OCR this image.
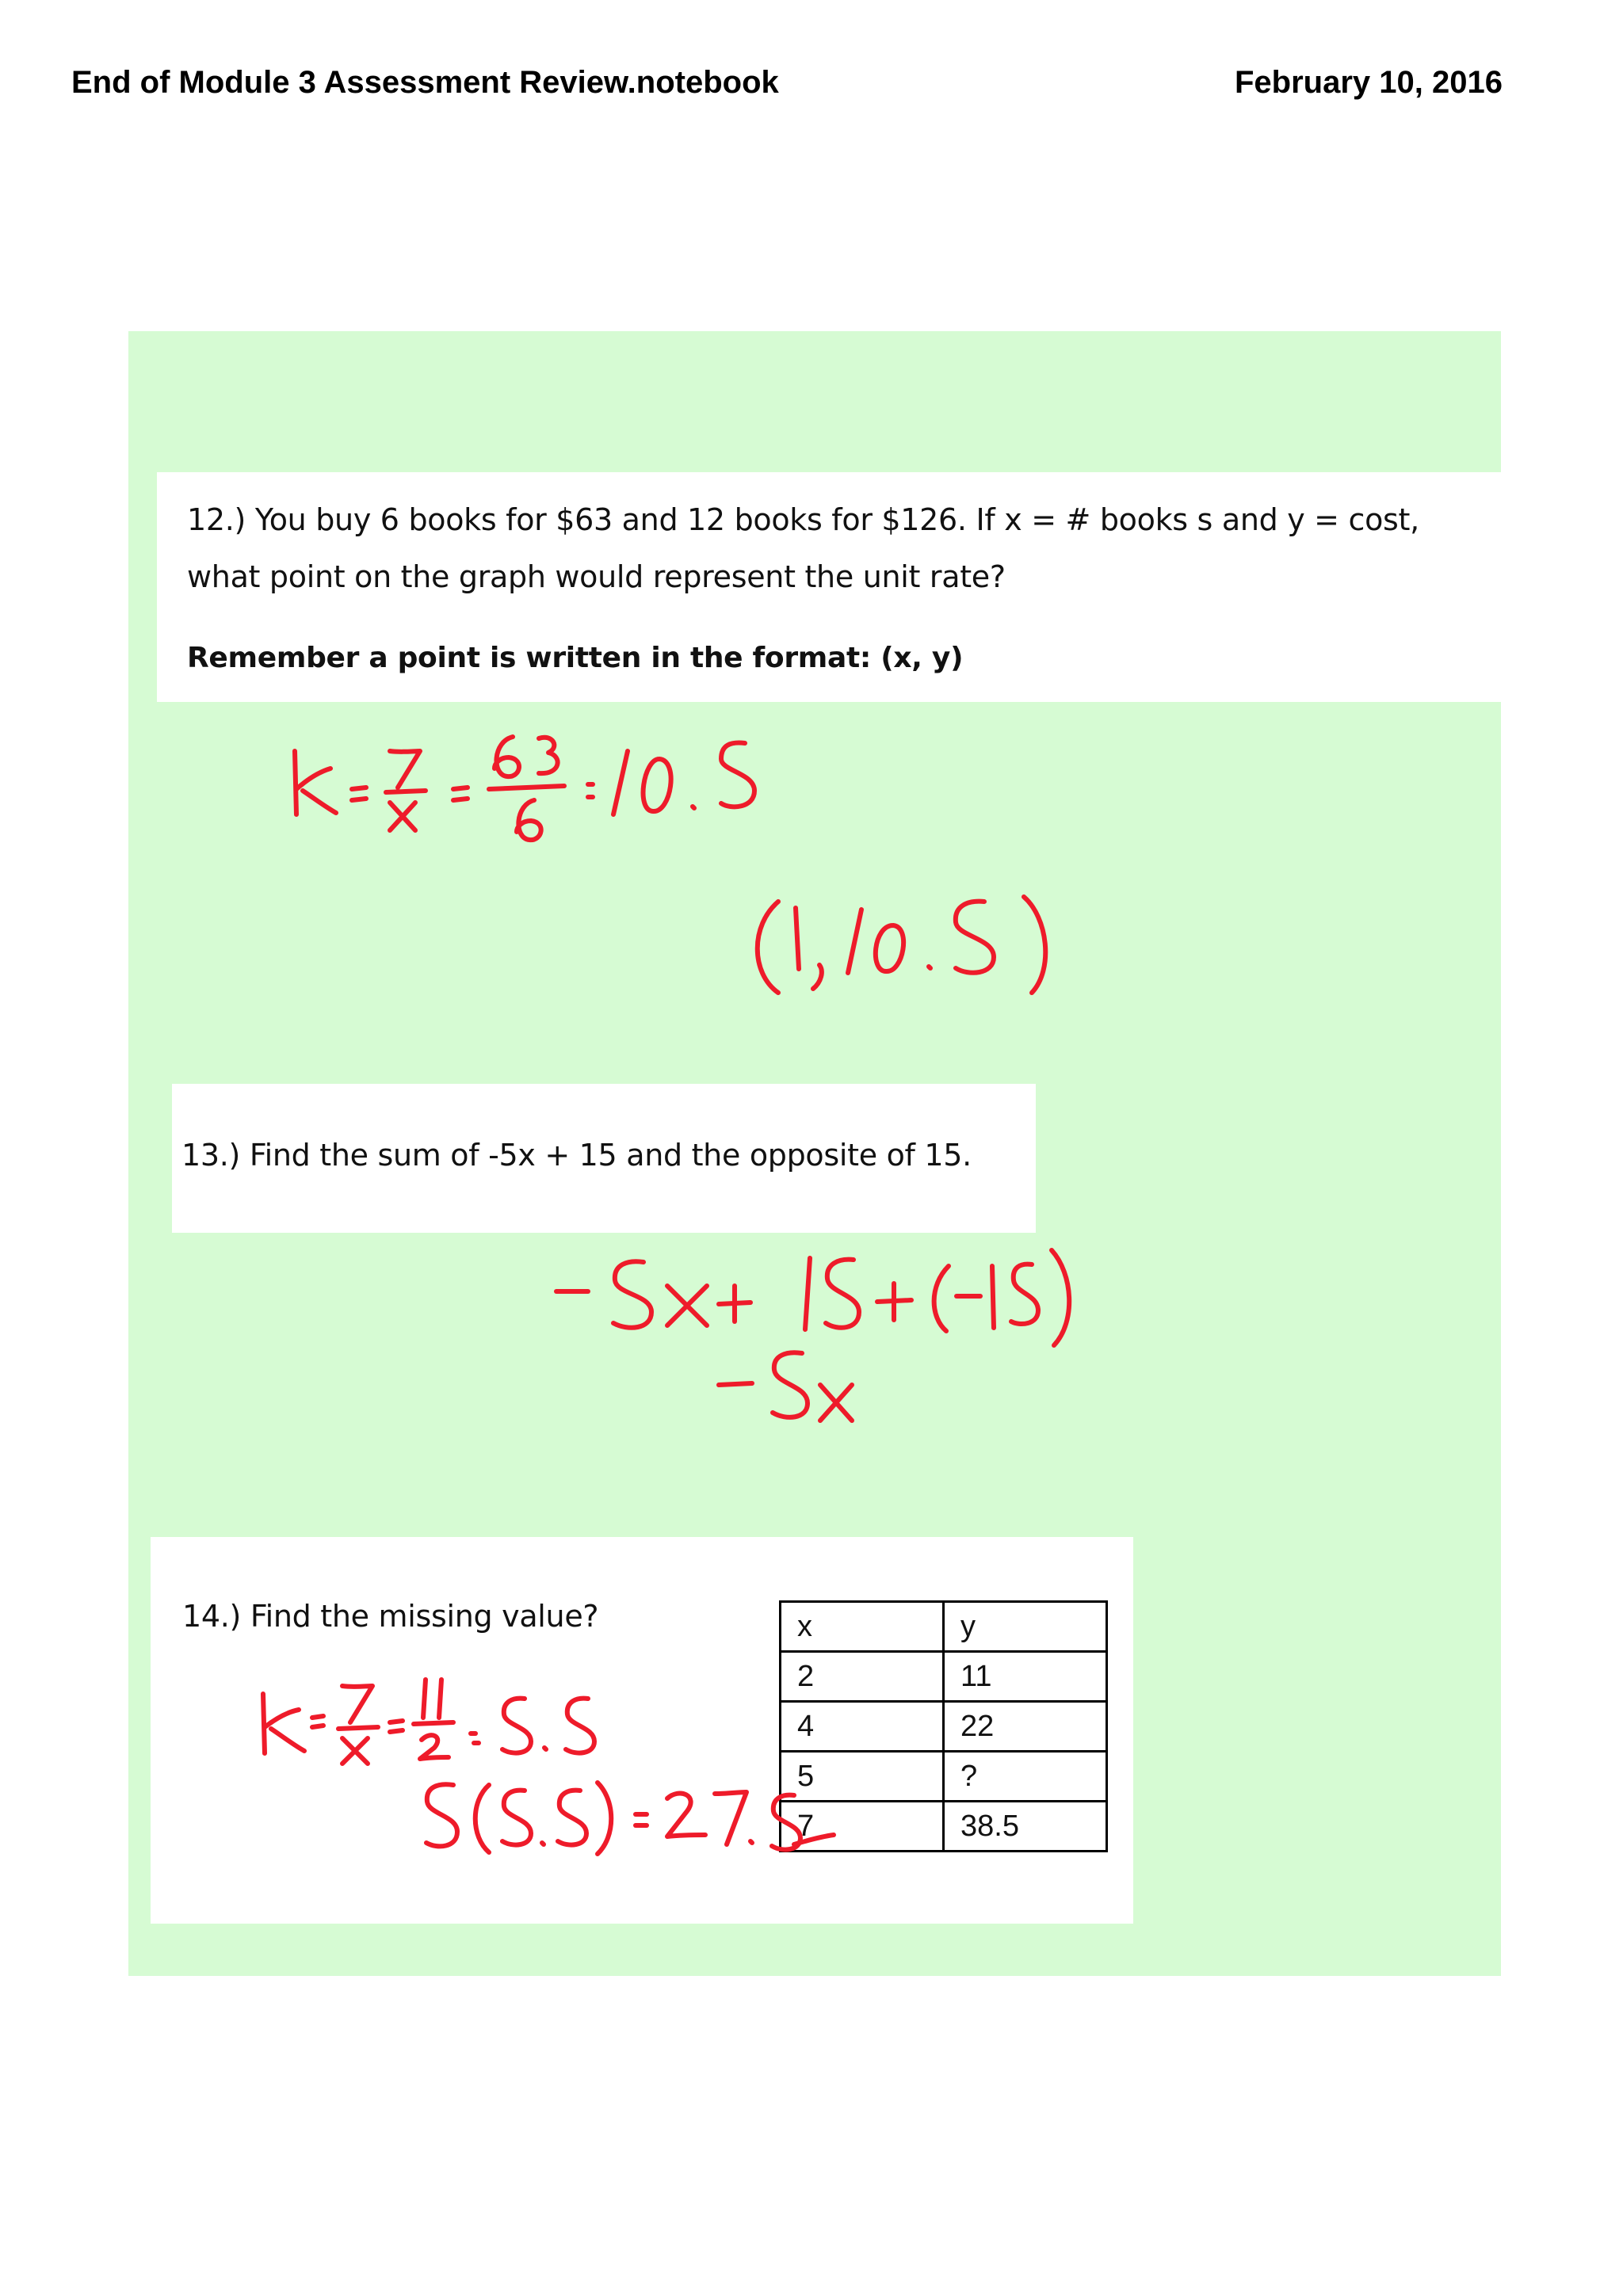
End of Module 3 Assessment Review.notebook	February 10, 2016
12.) You buy 6 books for $63 and 12 books for $126. If x = # books s and y = cost,
what point on the graph would represent the unit rate?
Remember a point is written in the format: (x, y)
13.) Find the sum of -5x + 15 and the opposite of 15.
14.) Find the missing value?	x	y
2	11
4	22
5	?
7	38.5
